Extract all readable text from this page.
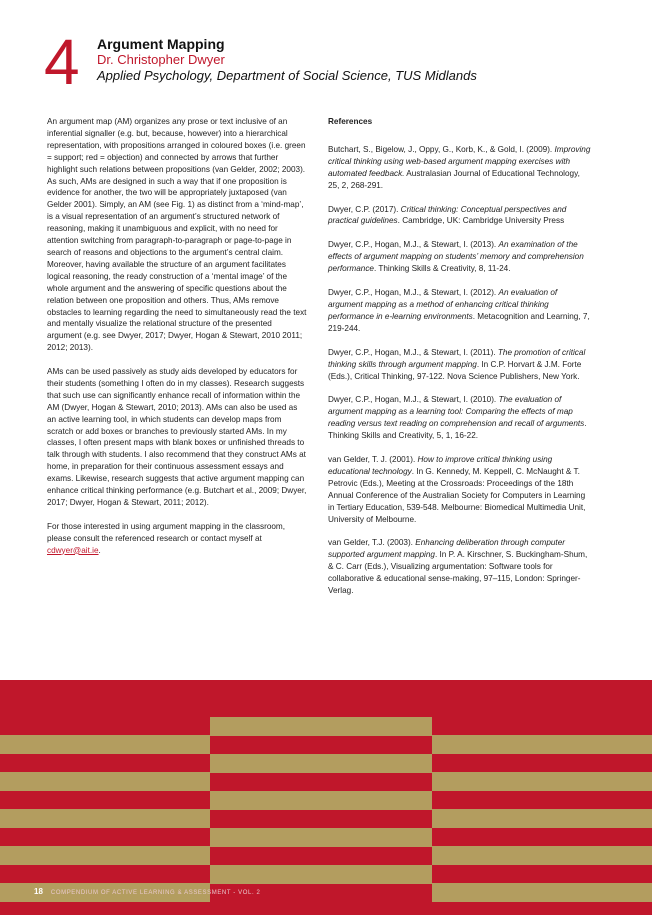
4 Argument Mapping
Dr. Christopher Dwyer
Applied Psychology, Department of Social Science, TUS Midlands

An argument map (AM) organizes any prose or text inclusive of an inferential signaller (e.g. but, because, however) into a hierarchical representation, with propositions arranged in coloured boxes (i.e. green = support; red = objection) and connected by arrows that further highlight such relations between propositions (van Gelder, 2002; 2003). As such, AMs are designed in such a way that if one proposition is evidence for another, the two will be appropriately juxtaposed (van Gelder 2001). Simply, an AM (see Fig. 1) as distinct from a ‘mind-map’, is a visual representation of an argument’s structured network of reasoning, making it unambiguous and explicit, with no need for attention switching from paragraph-to-paragraph or page-to-page in search of reasons and objections to the argument’s central claim. Moreover, having available the structure of an argument facilitates logical reasoning, the ready construction of a ‘mental image’ of the whole argument and the answering of specific questions about the relation between one proposition and others. Thus, AMs remove obstacles to learning regarding the need to simultaneously read the text and mentally visualize the relational structure of the presented argument (e.g. see Dwyer, 2017; Dwyer, Hogan & Stewart, 2010 2011; 2012; 2013).

AMs can be used passively as study aids developed by educators for their students (something I often do in my classes). Research suggests that such use can significantly enhance recall of information within the AM (Dwyer, Hogan & Stewart, 2010; 2013). AMs can also be used as an active learning tool, in which students can develop maps from scratch or add boxes or branches to previously started AMs. In my classes, I often present maps with blank boxes or unfinished threads to talk through with students. I also recommend that they construct AMs at home, in preparation for their continuous assessment essays and exams. Likewise, research suggests that active argument mapping can enhance critical thinking performance (e.g. Butchart et al., 2009; Dwyer, 2017; Dwyer, Hogan & Stewart, 2011; 2012).

For those interested in using argument mapping in the classroom, please consult the referenced research or contact myself at cdwyer@ait.ie.

References

Butchart, S., Bigelow, J., Oppy, G., Korb, K., & Gold, I. (2009). Improving critical thinking using web-based argument mapping exercises with automated feedback. Australasian Journal of Educational Technology, 25, 2, 268-291.

Dwyer, C.P. (2017). Critical thinking: Conceptual perspectives and practical guidelines. Cambridge, UK: Cambridge University Press

Dwyer, C.P., Hogan, M.J., & Stewart, I. (2013). An examination of the effects of argument mapping on students’ memory and comprehension performance. Thinking Skills & Creativity, 8, 11-24.

Dwyer, C.P., Hogan, M.J., & Stewart, I. (2012). An evaluation of argument mapping as a method of enhancing critical thinking performance in e-learning environments. Metacognition and Learning, 7, 219-244.

Dwyer, C.P., Hogan, M.J., & Stewart, I. (2011). The promotion of critical thinking skills through argument mapping. In C.P. Horvart & J.M. Forte (Eds.), Critical Thinking, 97-122. Nova Science Publishers, New York.

Dwyer, C.P., Hogan, M.J., & Stewart, I. (2010). The evaluation of argument mapping as a learning tool: Comparing the effects of map reading versus text reading on comprehension and recall of arguments. Thinking Skills and Creativity, 5, 1, 16-22.

van Gelder, T. J. (2001). How to improve critical thinking using educational technology. In G. Kennedy, M. Keppell, C. McNaught & T. Petrovic (Eds.), Meeting at the Crossroads: Proceedings of the 18th Annual Conference of the Australian Society for Computers in Learning in Tertiary Education, 539-548. Melbourne: Biomedical Multimedia Unit, University of Melbourne.

van Gelder, T.J. (2003). Enhancing deliberation through computer supported argument mapping. In P. A. Kirschner, S. Buckingham-Shum, & C. Carr (Eds.), Visualizing argumentation: Software tools for collaborative & educational sense-making, 97–115, London: Springer-Verlag.

18 COMPENDIUM OF ACTIVE LEARNING & ASSESSMENT - VOL. 2
